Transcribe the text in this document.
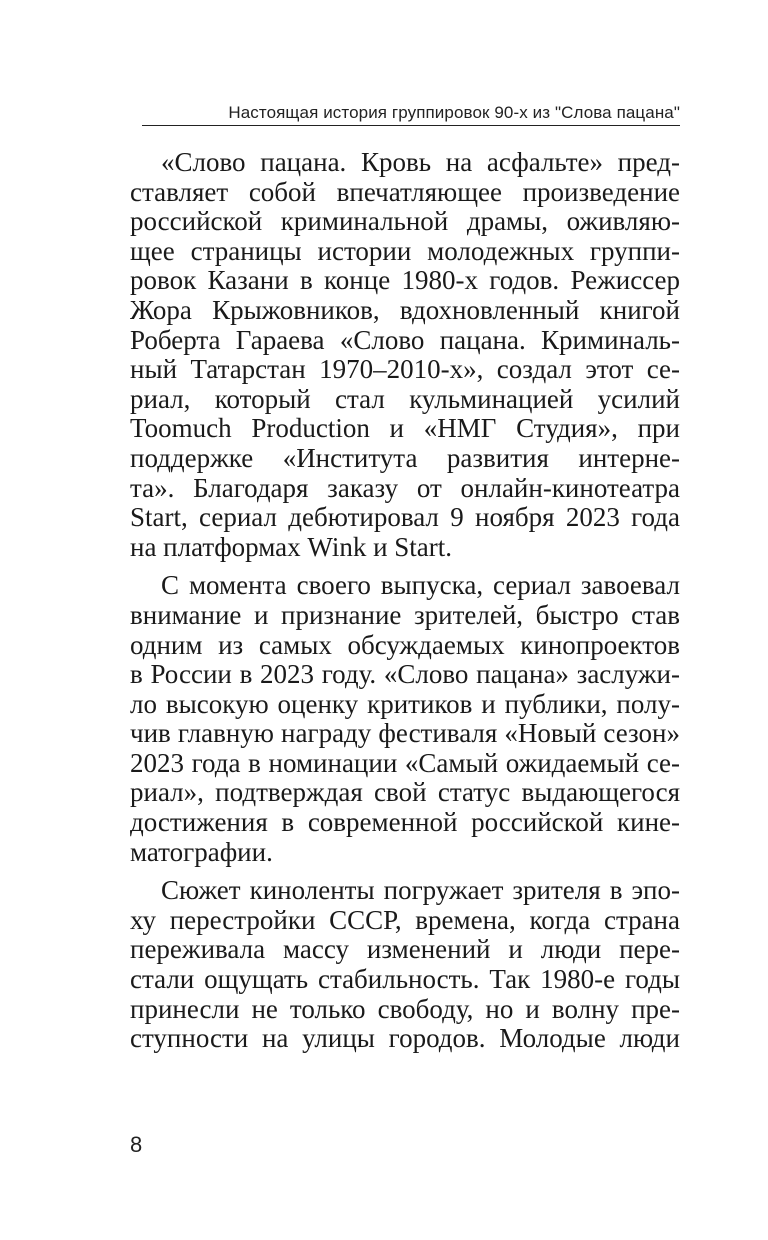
Настоящая история группировок 90-х из "Слова пацана"
«Слово пацана. Кровь на асфальте» пред-
ставляет собой впечатляющее произведение
российской криминальной драмы, оживляю-
щее страницы истории молодежных группи-
ровок Казани в конце 1980-х годов. Режиссер
Жора Крыжовников, вдохновленный книгой
Роберта Гараева «Слово пацана. Криминаль-
ный Татарстан 1970–2010-х», создал этот се-
риал, который стал кульминацией усилий
Toomuch Production и «НМГ Студия», при
поддержке «Института развития интерне-
та». Благодаря заказу от онлайн-кинотеатра
Start, сериал дебютировал 9 ноября 2023 года
на платформах Wink и Start.
С момента своего выпуска, сериал завоевал
внимание и признание зрителей, быстро став
одним из самых обсуждаемых кинопроектов
в России в 2023 году. «Слово пацана» заслужи-
ло высокую оценку критиков и публики, полу-
чив главную награду фестиваля «Новый сезон»
2023 года в номинации «Самый ожидаемый се-
риал», подтверждая свой статус выдающегося
достижения в современной российской кине-
матографии.
Сюжет киноленты погружает зрителя в эпо-
ху перестройки СССР, времена, когда страна
переживала массу изменений и люди пере-
стали ощущать стабильность. Так 1980-е годы
принесли не только свободу, но и волну пре-
ступности на улицы городов. Молодые люди
8
